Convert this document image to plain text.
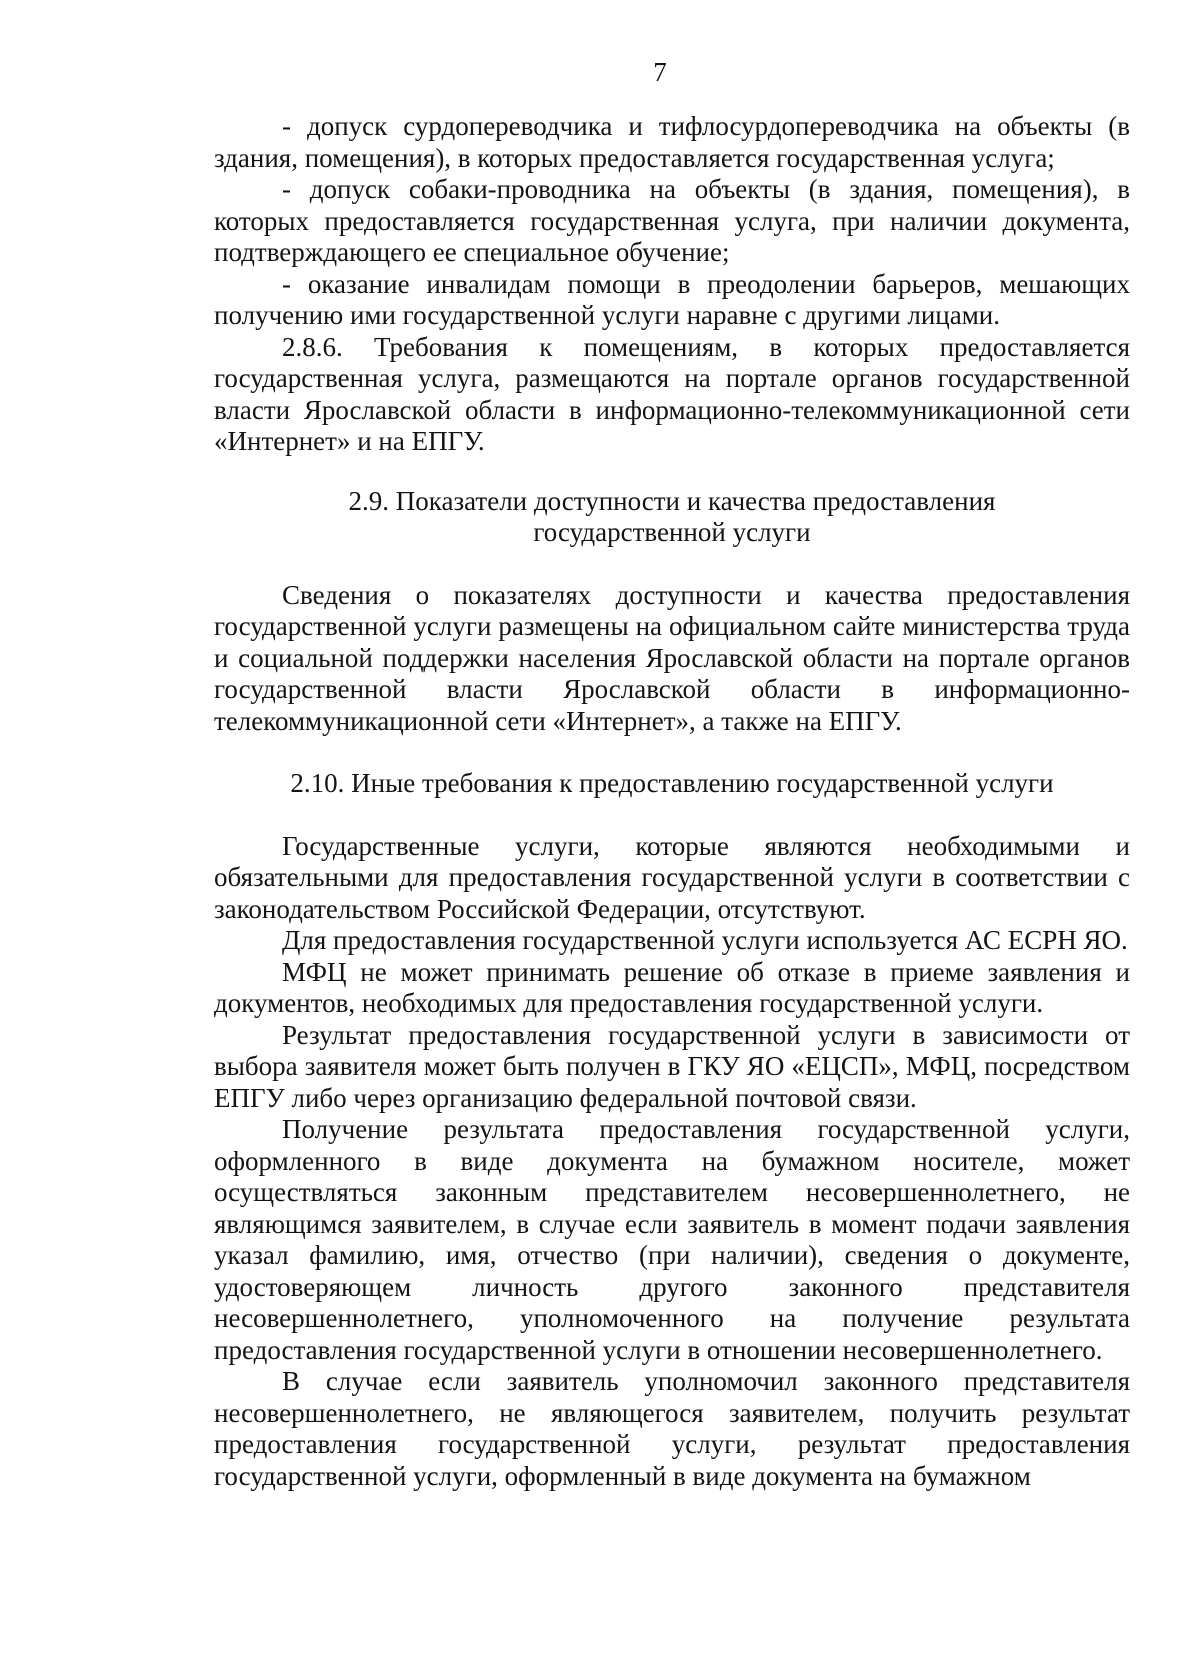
7

- допуск сурдопереводчика и тифлосурдопереводчика на объекты (в здания, помещения), в которых предоставляется государственная услуга;

- допуск собаки-проводника на объекты (в здания, помещения), в которых предоставляется государственная услуга, при наличии документа, подтверждающего ее специальное обучение;

- оказание инвалидам помощи в преодолении барьеров, мешающих получению ими государственной услуги наравне с другими лицами.

2.8.6. Требования к помещениям, в которых предоставляется государственная услуга, размещаются на портале органов государственной власти Ярославской области в информационно-телекоммуникационной сети «Интернет» и на ЕПГУ.

2.9. Показатели доступности и качества предоставления

государственной услуги

Сведения о показателях доступности и качества предоставления государственной услуги размещены на официальном сайте министерства труда и социальной поддержки населения Ярославской области на портале органов государственной власти Ярославской области в информационно-телекоммуникационной сети «Интернет», а также на ЕПГУ.

2.10. Иные требования к предоставлению государственной услуги

Государственные услуги, которые являются необходимыми и обязательными для предоставления государственной услуги в соответствии с законодательством Российской Федерации, отсутствуют.

Для предоставления государственной услуги используется АС ЕСРН ЯО.

МФЦ не может принимать решение об отказе в приеме заявления и документов, необходимых для предоставления государственной услуги.

Результат предоставления государственной услуги в зависимости от выбора заявителя может быть получен в ГКУ ЯО «ЕЦСП», МФЦ, посредством ЕПГУ либо через организацию федеральной почтовой связи.

Получение результата предоставления государственной услуги, оформленного в виде документа на бумажном носителе, может осуществляться законным представителем несовершеннолетнего, не являющимся заявителем, в случае если заявитель в момент подачи заявления указал фамилию, имя, отчество (при наличии), сведения о документе, удостоверяющем личность другого законного представителя несовершеннолетнего, уполномоченного на получение результата предоставления государственной услуги в отношении несовершеннолетнего.

В случае если заявитель уполномочил законного представителя несовершеннолетнего, не являющегося заявителем, получить результат предоставления государственной услуги, результат предоставления государственной услуги, оформленный в виде документа на бумажном
